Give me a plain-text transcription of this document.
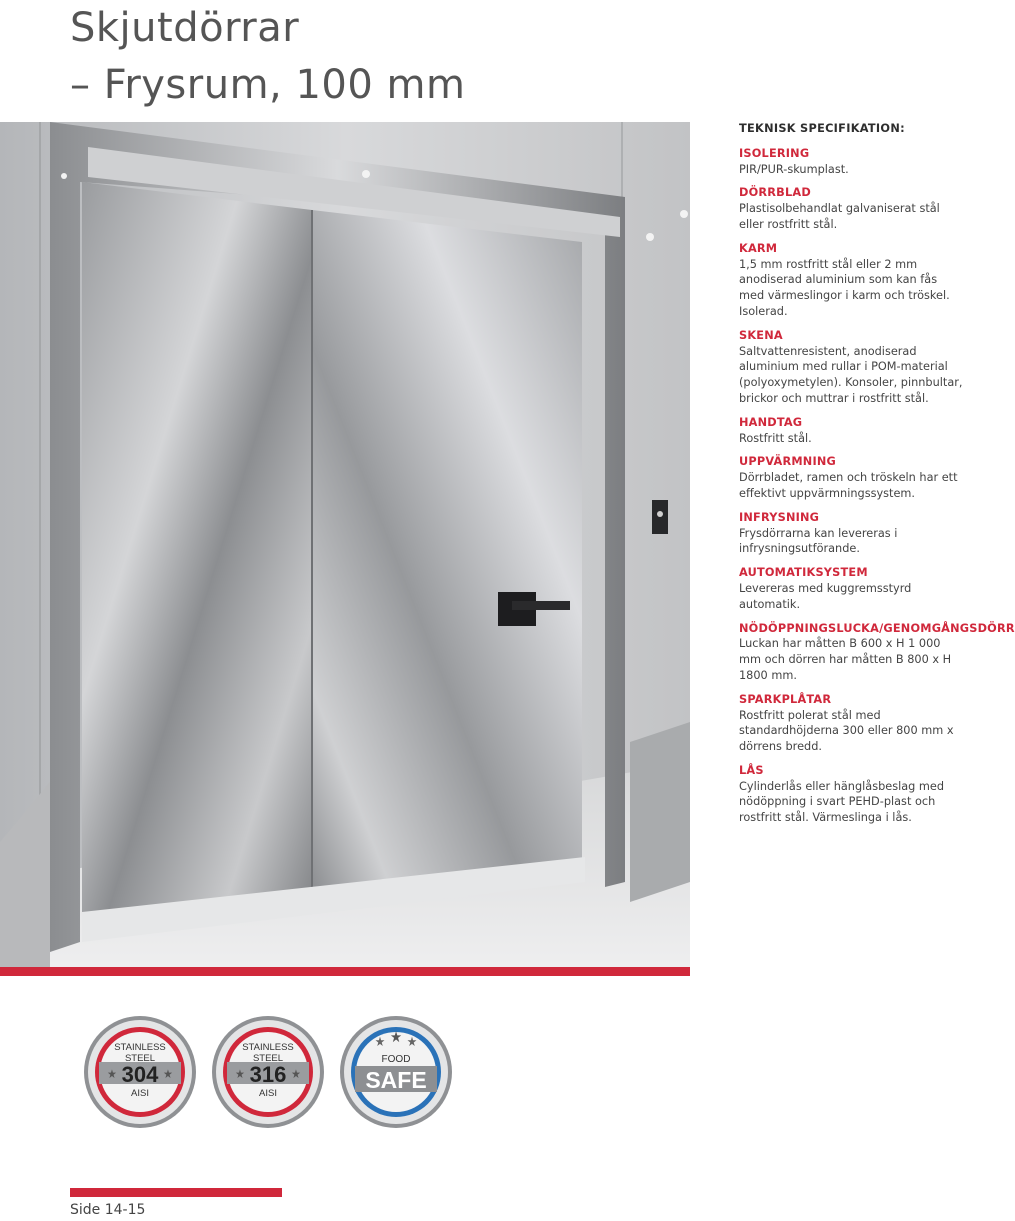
Skjutdörrar
– Frysrum, 100 mm
TEKNISK SPECIFIKATION:
ISOLERING
PIR/PUR-skumplast.
DÖRRBLAD
Plastisolbehandlat galvaniserat stål eller rostfritt stål.
KARM
1,5 mm rostfritt stål eller 2 mm anodiserad aluminium som kan fås med värmeslingor i karm och tröskel. Isolerad.
SKENA
Saltvattenresistent, anodiserad aluminium med rullar i POM-material (polyoxymetylen). Konsoler, pinnbultar, brickor och muttrar i rostfritt stål.
HANDTAG
Rostfritt stål.
UPPVÄRMNING
Dörrbladet, ramen och tröskeln har ett effektivt uppvärmningssystem.
INFRYSNING
Frysdörrarna kan levereras i infrysningsutförande.
AUTOMATIKSYSTEM
Levereras med kuggremsstyrd automatik.
NÖDÖPPNINGSLUCKA/GENOMGÅNGSDÖRR
Luckan har måtten B 600 x H 1 000 mm och dörren har måtten B 800 x H 1800 mm.
SPARKPLÅTAR
Rostfritt polerat stål med standardhöjderna 300 eller 800 mm x dörrens bredd.
LÅS
Cylinderlås eller hänglåsbeslag med nödöppning i svart PEHD-plast och rostfritt stål. Värmeslinga i lås.
STAINLESS
STEEL
304
★	★
AISI
STAINLESS
STEEL
316
★	★
AISI
★ ★ ★
FOOD
SAFE
Side 14-15
